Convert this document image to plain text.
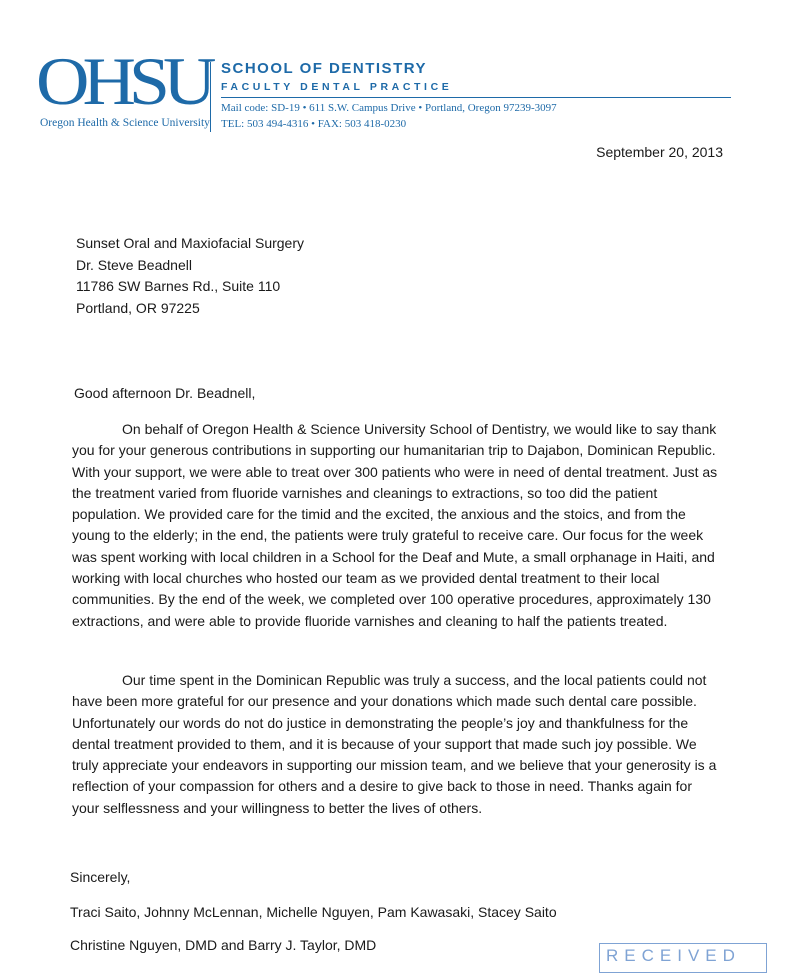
OHSU
Oregon Health & Science University
SCHOOL OF DENTISTRY
FACULTY DENTAL PRACTICE
Mail code: SD-19 • 611 S.W. Campus Drive • Portland, Oregon 97239-3097
TEL: 503 494-4316 • FAX: 503 418-0230
September 20, 2013
Sunset Oral and Maxiofacial Surgery
Dr. Steve Beadnell
11786 SW Barnes Rd., Suite 110
Portland, OR 97225
Good afternoon Dr. Beadnell,

On behalf of Oregon Health & Science University School of Dentistry, we would like to say thank you for your generous contributions in supporting our humanitarian trip to Dajabon, Dominican Republic. With your support, we were able to treat over 300 patients who were in need of dental treatment. Just as the treatment varied from fluoride varnishes and cleanings to extractions, so too did the patient population. We provided care for the timid and the excited, the anxious and the stoics, and from the young to the elderly; in the end, the patients were truly grateful to receive care. Our focus for the week was spent working with local children in a School for the Deaf and Mute, a small orphanage in Haiti, and working with local churches who hosted our team as we provided dental treatment to their local communities. By the end of the week, we completed over 100 operative procedures, approximately 130 extractions, and were able to provide fluoride varnishes and cleaning to half the patients treated.

Our time spent in the Dominican Republic was truly a success, and the local patients could not have been more grateful for our presence and your donations which made such dental care possible. Unfortunately our words do not do justice in demonstrating the people’s joy and thankfulness for the dental treatment provided to them, and it is because of your support that made such joy possible. We truly appreciate your endeavors in supporting our mission team, and we believe that your generosity is a reflection of your compassion for others and a desire to give back to those in need. Thanks again for your selflessness and your willingness to better the lives of others.

Sincerely,
Traci Saito, Johnny McLennan, Michelle Nguyen, Pam Kawasaki, Stacey Saito
Christine Nguyen, DMD and Barry J. Taylor, DMD
RECEIVED
